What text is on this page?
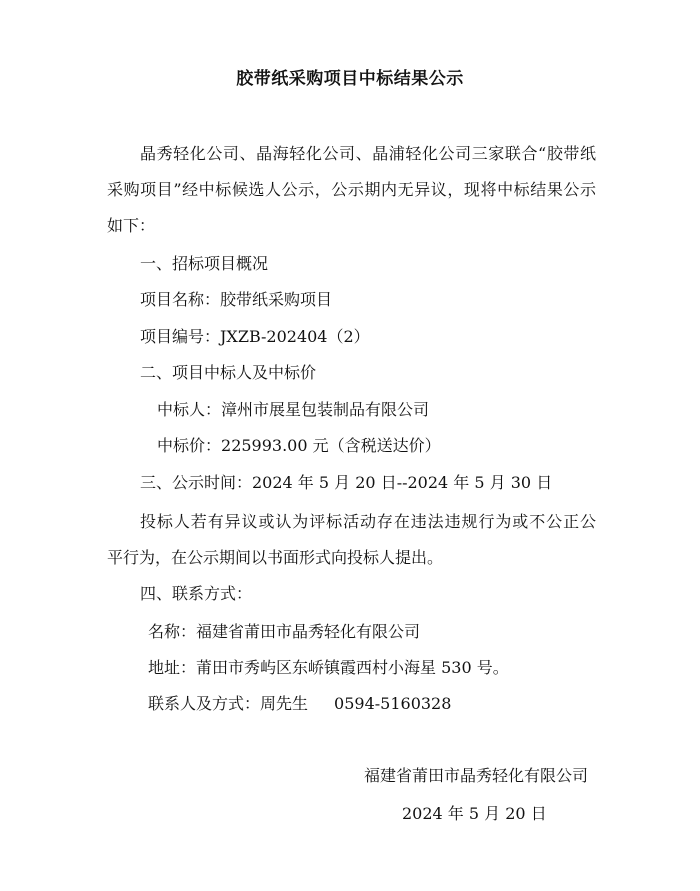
胶带纸采购项目中标结果公示
晶秀轻化公司、晶海轻化公司、晶浦轻化公司三家联合“胶带纸
采购项目”经中标候选人公示，公示期内无异议，现将中标结果公示
如下：
一、招标项目概况
项目名称：胶带纸采购项目
项目编号：JXZB-202404（2）
二、项目中标人及中标价
中标人：漳州市展星包装制品有限公司
中标价：225993.00 元（含税送达价）
三、公示时间：2024 年 5 月 20 日--2024 年 5 月 30 日
投标人若有异议或认为评标活动存在违法违规行为或不公正公
平行为，在公示期间以书面形式向投标人提出。
四、联系方式：
名称：福建省莆田市晶秀轻化有限公司
地址：莆田市秀屿区东峤镇霞西村小海星 530 号。
联系人及方式：周先生 0594-5160328
福建省莆田市晶秀轻化有限公司
2024 年 5 月 20 日
